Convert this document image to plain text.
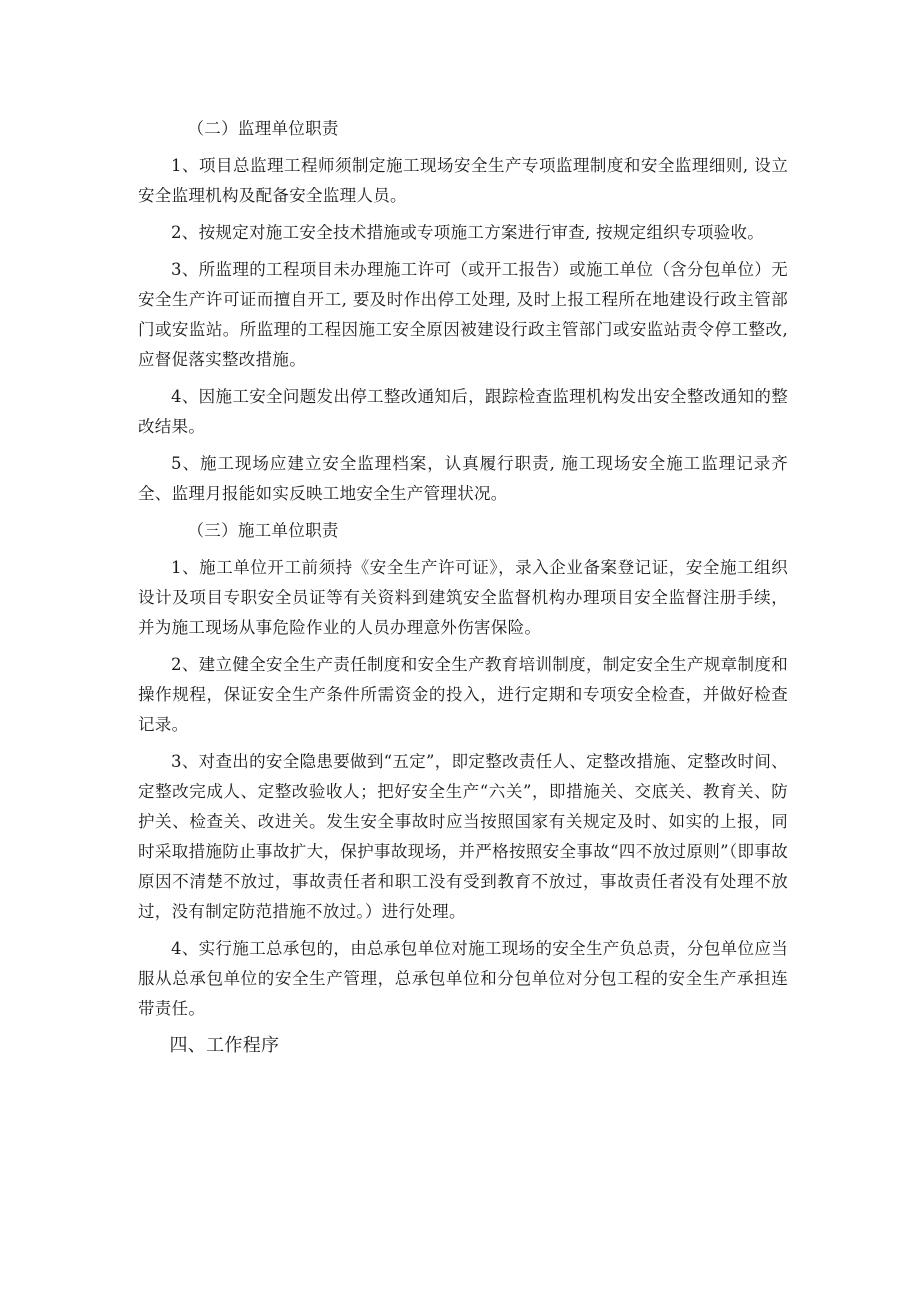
（二）监理单位职责

1、项目总监理工程师须制定施工现场安全生产专项监理制度和安全监理细则, 设立安全监理机构及配备安全监理人员。

2、按规定对施工安全技术措施或专项施工方案进行审查, 按规定组织专项验收。

3、所监理的工程项目未办理施工许可（或开工报告）或施工单位（含分包单位）无安全生产许可证而擅自开工, 要及时作出停工处理, 及时上报工程所在地建设行政主管部门或安监站。所监理的工程因施工安全原因被建设行政主管部门或安监站责令停工整改, 应督促落实整改措施。

4、因施工安全问题发出停工整改通知后，跟踪检查监理机构发出安全整改通知的整改结果。

5、施工现场应建立安全监理档案，认真履行职责, 施工现场安全施工监理记录齐全、监理月报能如实反映工地安全生产管理状况。

（三）施工单位职责

1、施工单位开工前须持《安全生产许可证》，录入企业备案登记证，安全施工组织设计及项目专职安全员证等有关资料到建筑安全监督机构办理项目安全监督注册手续，并为施工现场从事危险作业的人员办理意外伤害保险。

2、建立健全安全生产责任制度和安全生产教育培训制度，制定安全生产规章制度和操作规程，保证安全生产条件所需资金的投入，进行定期和专项安全检查，并做好检查记录。

3、对查出的安全隐患要做到“五定”，即定整改责任人、定整改措施、定整改时间、定整改完成人、定整改验收人；把好安全生产“六关”，即措施关、交底关、教育关、防护关、检查关、改进关。发生安全事故时应当按照国家有关规定及时、如实的上报，同时采取措施防止事故扩大，保护事故现场，并严格按照安全事故“四不放过原则”（即事故原因不清楚不放过，事故责任者和职工没有受到教育不放过，事故责任者没有处理不放过，没有制定防范措施不放过。）进行处理。

4、实行施工总承包的，由总承包单位对施工现场的安全生产负总责，分包单位应当服从总承包单位的安全生产管理，总承包单位和分包单位对分包工程的安全生产承担连带责任。

四、工作程序
